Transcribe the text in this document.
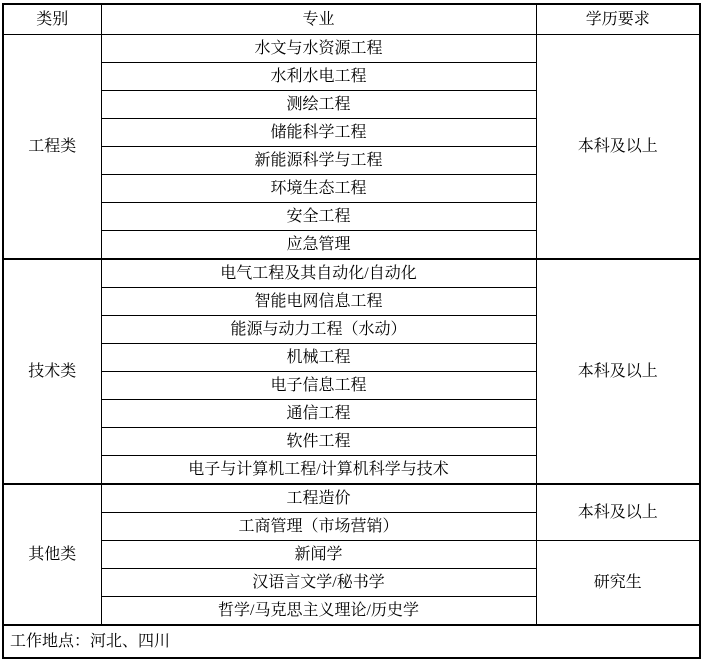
类别	专业	学历要求
工程类	水文与水资源工程	本科及以上
	水利水电工程	
	测绘工程	
	储能科学工程	
	新能源科学与工程	
	环境生态工程	
	安全工程	
	应急管理	
技术类	电气工程及其自动化/自动化	本科及以上
	智能电网信息工程	
	能源与动力工程（水动）	
	机械工程	
	电子信息工程	
	通信工程	
	软件工程	
	电子与计算机工程/计算机科学与技术	
其他类	工程造价	本科及以上
	工商管理（市场营销）	
	新闻学	研究生
	汉语言文学/秘书学	
	哲学/马克思主义理论/历史学	
工作地点：河北、四川		
